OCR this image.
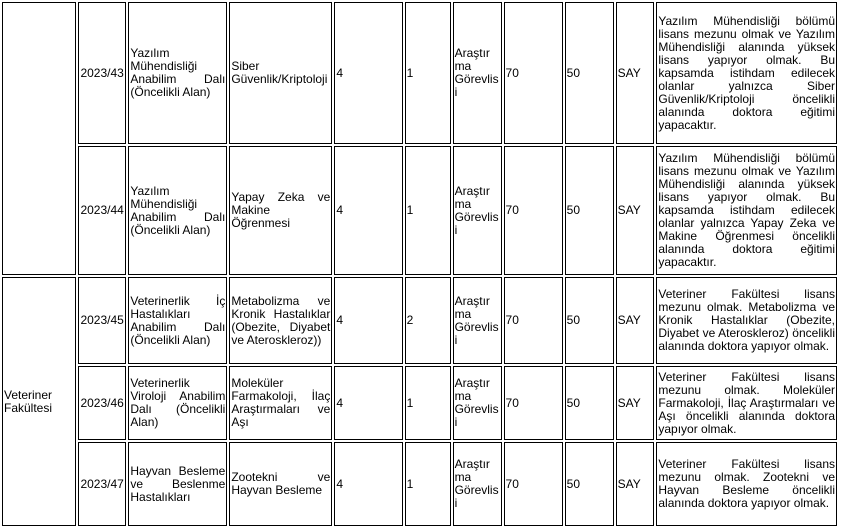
	2023/43	Yazılım Mühendisliği Anabilim Dalı (Öncelikli Alan)	Siber Güvenlik/Kriptoloji	4	1	Araştırma Görevlisi	70	50	SAY	Yazılım Mühendisliği bölümü lisans mezunu olmak ve Yazılım Mühendisliği alanında yüksek lisans yapıyor olmak. Bu kapsamda istihdam edilecek olanlar yalnızca Siber Güvenlik/Kriptoloji öncelikli alanında doktora eğitimi yapacaktır.
	2023/44	Yazılım Mühendisliği Anabilim Dalı (Öncelikli Alan)	Yapay Zeka ve Makine Öğrenmesi	4	1	Araştırma Görevlisi	70	50	SAY	Yazılım Mühendisliği bölümü lisans mezunu olmak ve Yazılım Mühendisliği alanında yüksek lisans yapıyor olmak. Bu kapsamda istihdam edilecek olanlar yalnızca Yapay Zeka ve Makine Öğrenmesi öncelikli alanında doktora eğitimi yapacaktır.
Veteriner Fakültesi	2023/45	Veterinerlik İç Hastalıkları Anabilim Dalı (Öncelikli Alan)	Metabolizma ve Kronik Hastalıklar (Obezite, Diyabet ve Ateroskleroz))	4	2	Araştırma Görevlisi	70	50	SAY	Veteriner Fakültesi lisans mezunu olmak. Metabolizma ve Kronik Hastalıklar (Obezite, Diyabet ve Ateroskleroz) öncelikli alanında doktora yapıyor olmak.
	2023/46	Veterinerlik Viroloji Anabilim Dalı (Öncelikli Alan)	Moleküler Farmakoloji, İlaç Araştırmaları ve Aşı	4	1	Araştırma Görevlisi	70	50	SAY	Veteriner Fakültesi lisans mezunu olmak. Moleküler Farmakoloji, İlaç Araştırmaları ve Aşı öncelikli alanında doktora yapıyor olmak.
	2023/47	Hayvan Besleme ve Beslenme Hastalıkları	Zootekni ve Hayvan Besleme	4	1	Araştırma Görevlisi	70	50	SAY	Veteriner Fakültesi lisans mezunu olmak. Zootekni ve Hayvan Besleme öncelikli alanında doktora yapıyor olmak.
